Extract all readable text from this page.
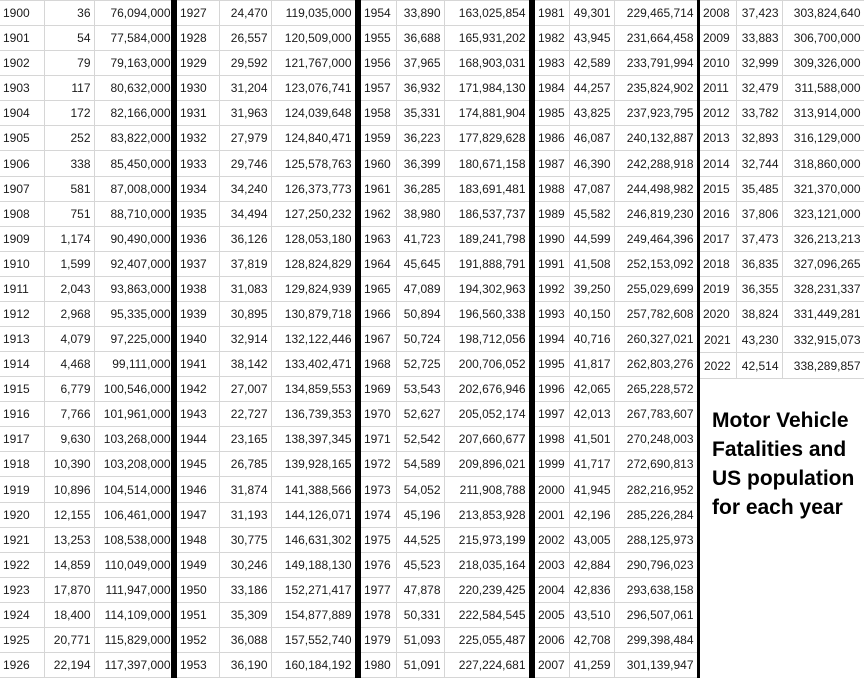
1900	36	76,094,000
1901	54	77,584,000
1902	79	79,163,000
1903	117	80,632,000
1904	172	82,166,000
1905	252	83,822,000
1906	338	85,450,000
1907	581	87,008,000
1908	751	88,710,000
1909	1,174	90,490,000
1910	1,599	92,407,000
1911	2,043	93,863,000
1912	2,968	95,335,000
1913	4,079	97,225,000
1914	4,468	99,111,000
1915	6,779	100,546,000
1916	7,766	101,961,000
1917	9,630	103,268,000
1918	10,390	103,208,000
1919	10,896	104,514,000
1920	12,155	106,461,000
1921	13,253	108,538,000
1922	14,859	110,049,000
1923	17,870	111,947,000
1924	18,400	114,109,000
1925	20,771	115,829,000
1926	22,194	117,397,000
1927	24,470	119,035,000
1928	26,557	120,509,000
1929	29,592	121,767,000
1930	31,204	123,076,741
1931	31,963	124,039,648
1932	27,979	124,840,471
1933	29,746	125,578,763
1934	34,240	126,373,773
1935	34,494	127,250,232
1936	36,126	128,053,180
1937	37,819	128,824,829
1938	31,083	129,824,939
1939	30,895	130,879,718
1940	32,914	132,122,446
1941	38,142	133,402,471
1942	27,007	134,859,553
1943	22,727	136,739,353
1944	23,165	138,397,345
1945	26,785	139,928,165
1946	31,874	141,388,566
1947	31,193	144,126,071
1948	30,775	146,631,302
1949	30,246	149,188,130
1950	33,186	152,271,417
1951	35,309	154,877,889
1952	36,088	157,552,740
1953	36,190	160,184,192
1954	33,890	163,025,854
1955	36,688	165,931,202
1956	37,965	168,903,031
1957	36,932	171,984,130
1958	35,331	174,881,904
1959	36,223	177,829,628
1960	36,399	180,671,158
1961	36,285	183,691,481
1962	38,980	186,537,737
1963	41,723	189,241,798
1964	45,645	191,888,791
1965	47,089	194,302,963
1966	50,894	196,560,338
1967	50,724	198,712,056
1968	52,725	200,706,052
1969	53,543	202,676,946
1970	52,627	205,052,174
1971	52,542	207,660,677
1972	54,589	209,896,021
1973	54,052	211,908,788
1974	45,196	213,853,928
1975	44,525	215,973,199
1976	45,523	218,035,164
1977	47,878	220,239,425
1978	50,331	222,584,545
1979	51,093	225,055,487
1980	51,091	227,224,681
1981	49,301	229,465,714
1982	43,945	231,664,458
1983	42,589	233,791,994
1984	44,257	235,824,902
1985	43,825	237,923,795
1986	46,087	240,132,887
1987	46,390	242,288,918
1988	47,087	244,498,982
1989	45,582	246,819,230
1990	44,599	249,464,396
1991	41,508	252,153,092
1992	39,250	255,029,699
1993	40,150	257,782,608
1994	40,716	260,327,021
1995	41,817	262,803,276
1996	42,065	265,228,572
1997	42,013	267,783,607
1998	41,501	270,248,003
1999	41,717	272,690,813
2000	41,945	282,216,952
2001	42,196	285,226,284
2002	43,005	288,125,973
2003	42,884	290,796,023
2004	42,836	293,638,158
2005	43,510	296,507,061
2006	42,708	299,398,484
2007	41,259	301,139,947
2008	37,423	303,824,640
2009	33,883	306,700,000
2010	32,999	309,326,000
2011	32,479	311,588,000
2012	33,782	313,914,000
2013	32,893	316,129,000
2014	32,744	318,860,000
2015	35,485	321,370,000
2016	37,806	323,121,000
2017	37,473	326,213,213
2018	36,835	327,096,265
2019	36,355	328,231,337
2020	38,824	331,449,281
2021	43,230	332,915,073
2022	42,514	338,289,857
Motor Vehicle
Fatalities and
US population
for each year
